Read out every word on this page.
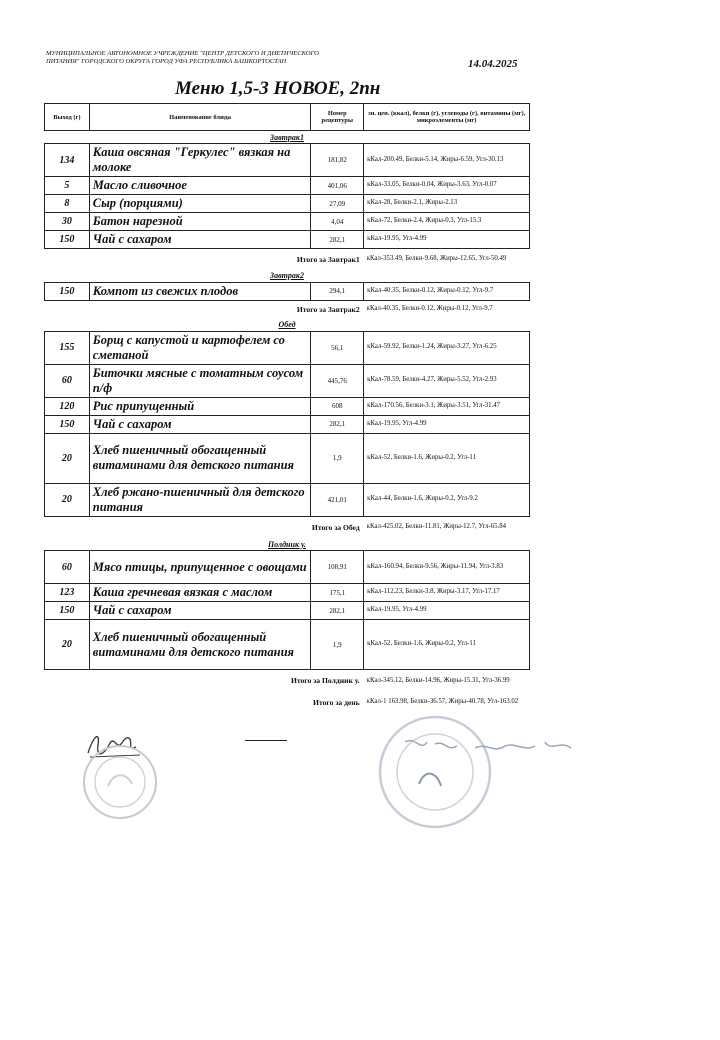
МУНИЦИПАЛЬНОЕ АВТОНОМНОЕ УЧРЕЖДЕНИЕ "ЦЕНТР ДЕТСКОГО И ДИЕТИЧЕСКОГО ПИТАНИЯ" ГОРОДСКОГО ОКРУГА ГОРОД УФА РЕСПУБЛИКА БАШКОРТОСТАН	14.04.2025
Меню 1,5-3 НОВОЕ, 2пн
Выход (г)	Наименование блюда	Номер рецептуры	эн. цен. (ккал), белки (г), углеводы (г), витамины (мг), микроэлементы (мг)
Завтрак1			
134	Каша овсяная "Геркулес" вязкая на молоке	181,82	кКал-200.49, Белки-5.14, Жиры-6.59, Угл-30.13
5	Масло сливочное	401,06	кКал-33.05, Белки-0.04, Жиры-3.63, Угл-0.07
8	Сыр (порциями)	27,09	кКал-28, Белки-2.1, Жиры-2.13
30	Батон нарезной	4,04	кКал-72, Белки-2.4, Жиры-0.3, Угл-15.3
150	Чай с сахаром	282,1	кКал-19.95, Угл-4.99
Итого за Завтрак1			кКал-353.49, Белки-9.68, Жиры-12.65, Угл-50.49
Завтрак2			
150	Компот из свежих плодов	294,1	кКал-40.35, Белки-0.12, Жиры-0.12, Угл-9.7
Итого за Завтрак2			кКал-40.35, Белки-0.12, Жиры-0.12, Угл-9.7
Обед			
155	Борщ с капустой и картофелем со сметаной	56,1	кКал-59.92, Белки-1.24, Жиры-3.27, Угл-6.25
60	Биточки мясные с томатным соусом п/ф	445,76	кКал-78.59, Белки-4.27, Жиры-5.52, Угл-2.93
120	Рис припущенный	608	кКал-170.56, Белки-3.1, Жиры-3.51, Угл-31.47
150	Чай с сахаром	282,1	кКал-19.95, Угл-4.99
20	Хлеб пшеничный обогащенный витаминами для детского питания	1,9	кКал-52, Белки-1.6, Жиры-0.2, Угл-11
20	Хлеб ржано-пшеничный для детского питания	421,01	кКал-44, Белки-1.6, Жиры-0.2, Угл-9.2
Итого за Обед			кКал-425.02, Белки-11.81, Жиры-12.7, Угл-65.84
Полдник у.			
60	Мясо птицы, припущенное с овощами	108,91	кКал-160.94, Белки-9.56, Жиры-11.94, Угл-3.83
123	Каша гречневая вязкая с маслом	175,1	кКал-112.23, Белки-3.8, Жиры-3.17, Угл-17.17
150	Чай с сахаром	282,1	кКал-19.95, Угл-4.99
20	Хлеб пшеничный обогащенный витаминами для детского питания	1,9	кКал-52, Белки-1.6, Жиры-0.2, Угл-11
Итого за Полдник у.			кКал-345.12, Белки-14.96, Жиры-15.31, Угл-36.99
Итого за день			кКал-1 163.98, Белки-36.57, Жиры-40.78, Угл-163.02
